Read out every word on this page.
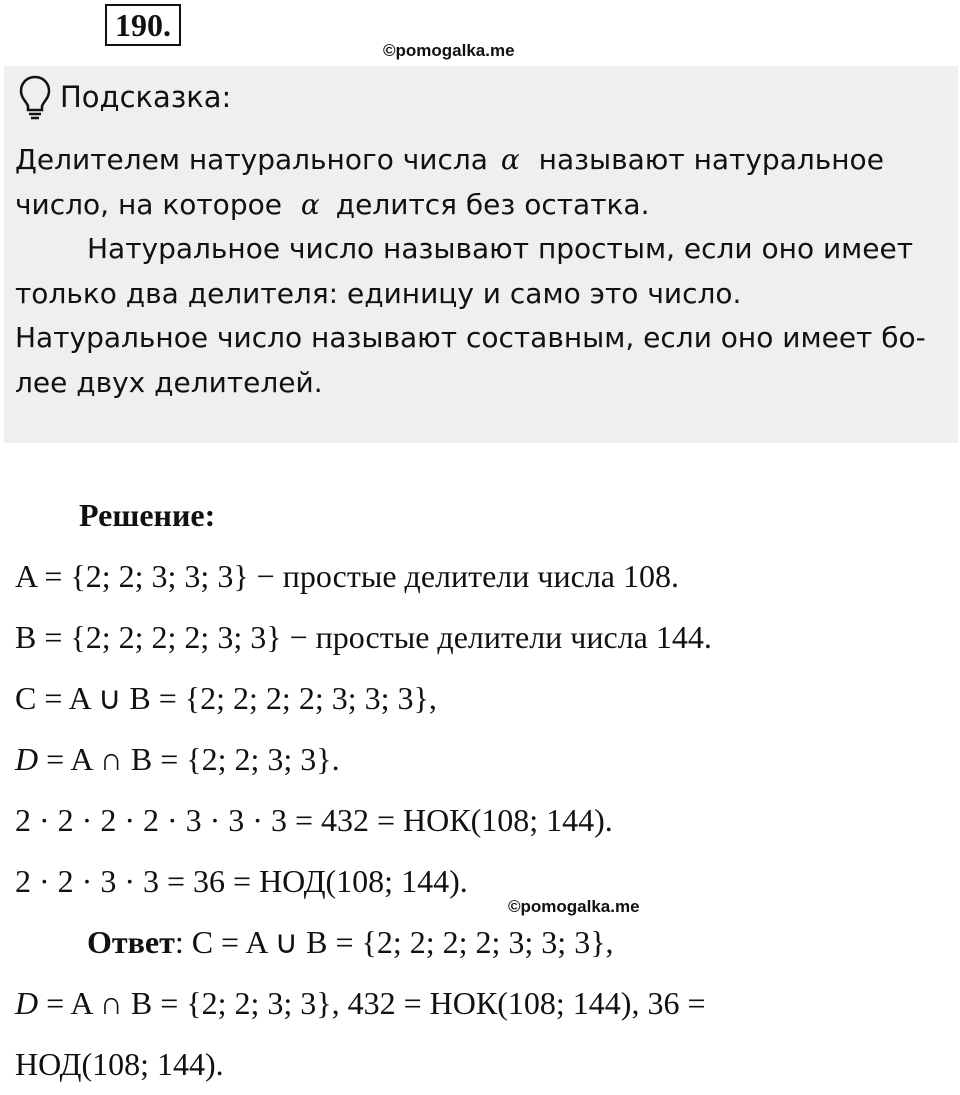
190.
©pomogalka.me
Подсказка:

Делителем натурального числа α называют натуральное
число, на которое α делится без остатка.

Натуральное число называют простым, если оно имеет

только два делителя: единицу и само это число.

Натуральное число называют составным, если оно имеет бо-

лее двух делителей.

Решение:
A = {2; 2; 3; 3; 3} − простые делители числа 108.
B = {2; 2; 2; 2; 3; 3} − простые делители числа 144.
C = A ∪ B = {2; 2; 2; 2; 3; 3; 3},
D = A ∩ B = {2; 2; 3; 3}.
2 · 2 · 2 · 2 · 3 · 3 · 3 = 432 = НОК(108; 144).
2 · 2 · 3 · 3 = 36 = НОД(108; 144).
Ответ: C = A ∪ B = {2; 2; 2; 2; 3; 3; 3},
D = A ∩ B = {2; 2; 3; 3}, 432 = НОК(108; 144), 36 =
НОД(108; 144).
©pomogalka.me
